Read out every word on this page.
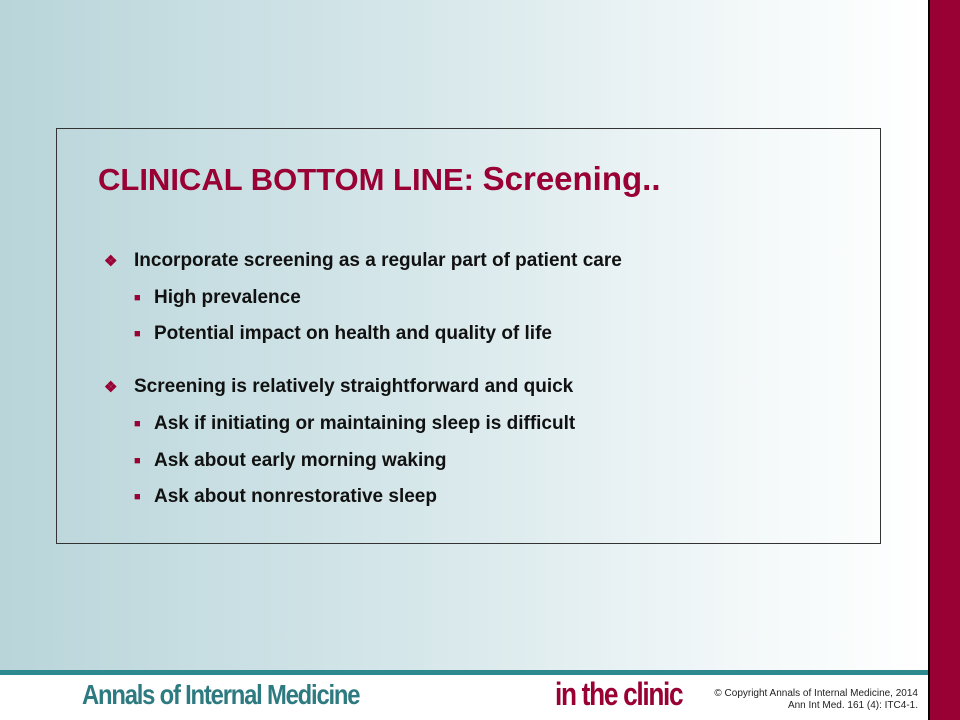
CLINICAL BOTTOM LINE: Screening..
❖ Incorporate screening as a regular part of patient care
■ High prevalence
■ Potential impact on health and quality of life
❖ Screening is relatively straightforward and quick
■ Ask if initiating or maintaining sleep is difficult
■ Ask about early morning waking
■ Ask about nonrestorative sleep
Annals of Internal Medicine	in the clinic	© Copyright Annals of Internal Medicine, 2014
Ann Int Med. 161 (4): ITC4-1.
